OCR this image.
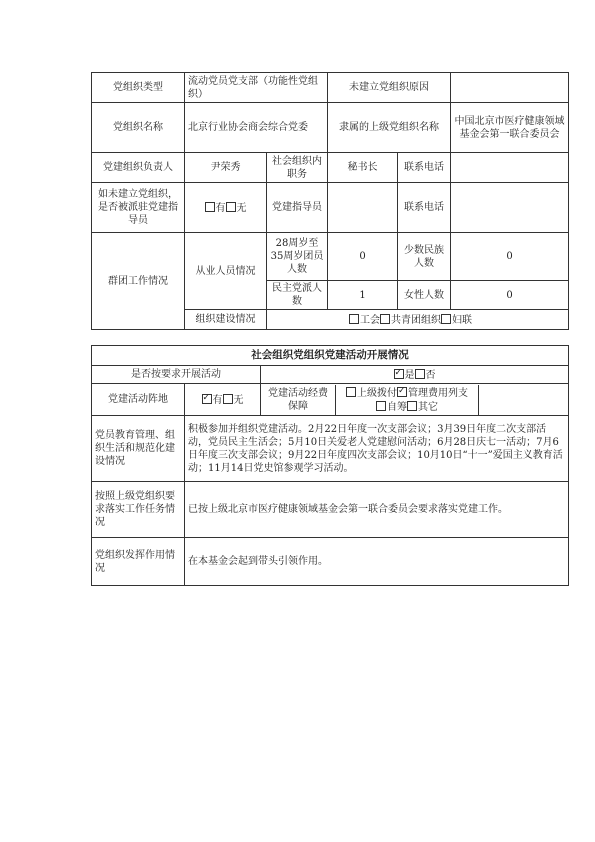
党组织类型	流动党员党支部（功能性党组织）		未建立党组织原因		
党组织名称	北京行业协会商会综合党委		隶属的上级党组织名称		中国北京市医疗健康领域基金会第一联合委员会
党建组织负责人	尹荣秀	社会组织内职务	秘书长	联系电话	
如未建立党组织，是否被派驻党建指导员	有 无	党建指导员		联系电话	
群团工作情况	从业人员情况	28周岁至35周岁团员人数	0	少数民族人数	0
		民主党派人数	1	女性人数	0
	组织建设情况	工会 共青团组织 妇联			
社会组织党组织党建活动开展情况
是否按要求开展活动	✓是 否
党建活动阵地	✓有 无	
党建活动经费保障	上级拨付 ✓ 管理费用列支
自筹 其它	

党员教育管理、组织生活和规范化建设情况	积极参加并组织党建活动。2月22日年度一次支部会议；3月39日年度二次支部活动，党员民主生活会；5月10日关爱老人党建慰问活动；6月28日庆七一活动；7月6日年度三次支部会议；9月22日年度四次支部会议；10月10日“十一”爱国主义教育活动；11月14日党史馆参观学习活动。
按照上级党组织要求落实工作任务情况	已按上级北京市医疗健康领域基金会第一联合委员会要求落实党建工作。
党组织发挥作用情况	在本基金会起到带头引领作用。
